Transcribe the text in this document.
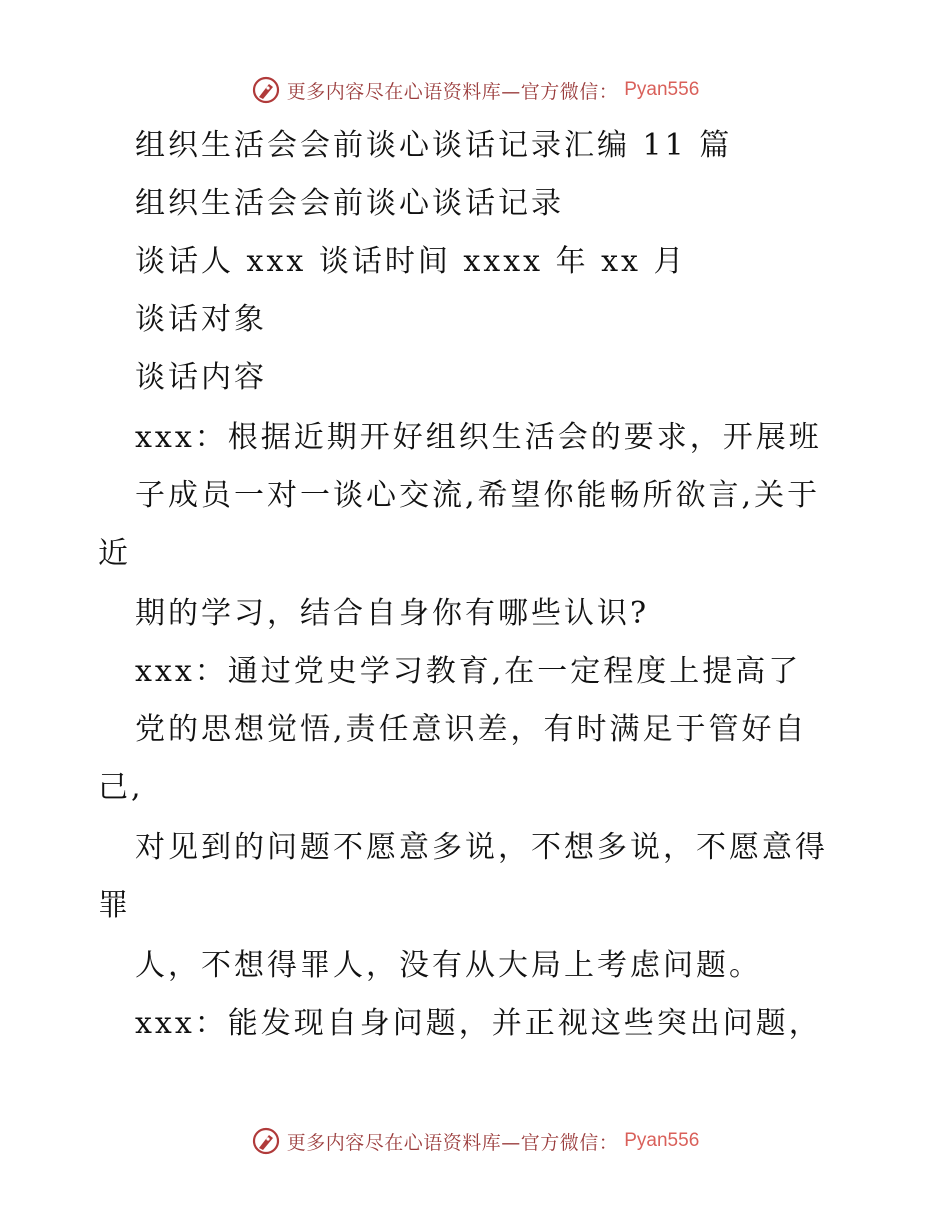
更多内容尽在心语资料库—官方微信： Pyan556
组织生活会会前谈心谈话记录汇编 11 篇
组织生活会会前谈心谈话记录
谈话人 xxx 谈话时间 xxxx 年 xx 月
谈话对象
谈话内容
xxx：根据近期开好组织生活会的要求，开展班
子成员一对一谈心交流,希望你能畅所欲言,关于
近
期的学习，结合自身你有哪些认识?
xxx：通过党史学习教育,在一定程度上提高了
党的思想觉悟,责任意识差，有时满足于管好自
己,
对见到的问题不愿意多说，不想多说，不愿意得
罪
人，不想得罪人，没有从大局上考虑问题。
xxx：能发现自身问题，并正视这些突出问题，
更多内容尽在心语资料库—官方微信： Pyan556
